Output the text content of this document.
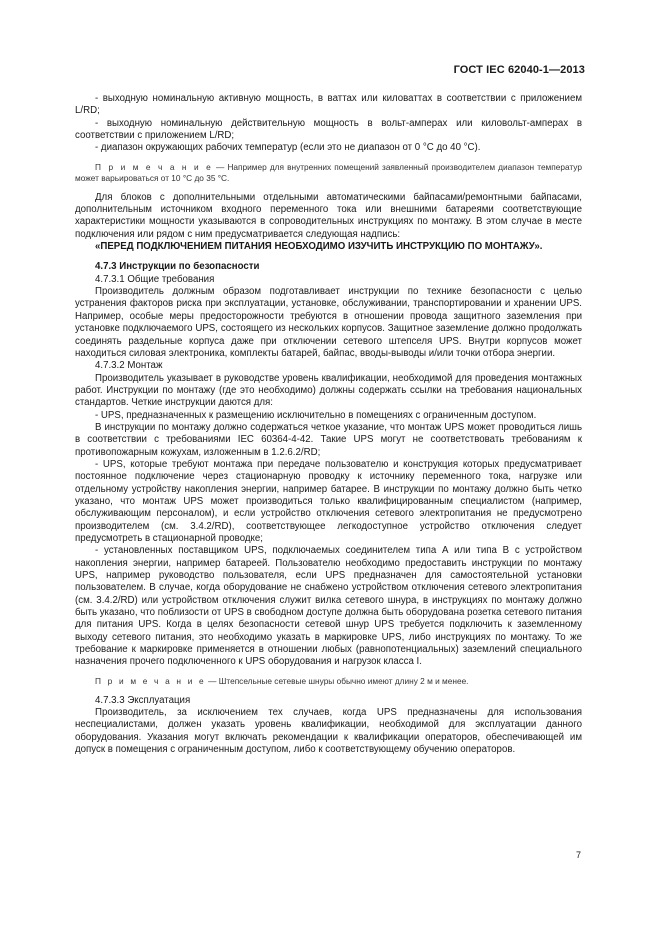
ГОСТ IEC 62040-1—2013

- выходную номинальную активную мощность, в ваттах или киловаттах в соответствии с приложением L/RD;

- выходную номинальную действительную мощность в вольт-амперах или киловольт-амперах в соответствии с приложением L/RD;

- диапазон окружающих рабочих температур (если это не диапазон от 0 °С до 40 °С).

П р и м е ч а н и е — Например для внутренних помещений заявленный производителем диапазон температур может варьироваться от 10 °С до 35 °С.

Для блоков с дополнительными отдельными автоматическими байпасами/ремонтными байпасами, дополнительным источником входного переменного тока или внешними батареями соответствующие характеристики мощности указываются в сопроводительных инструкциях по монтажу. В этом случае в месте подключения или рядом с ним предусматривается следующая надпись:

«ПЕРЕД ПОДКЛЮЧЕНИЕМ ПИТАНИЯ НЕОБХОДИМО ИЗУЧИТЬ ИНСТРУКЦИЮ ПО МОНТАЖУ».

4.7.3 Инструкции по безопасности

4.7.3.1 Общие требования

Производитель должным образом подготавливает инструкции по технике безопасности с целью устранения факторов риска при эксплуатации, установке, обслуживании, транспортировании и хранении UPS. Например, особые меры предосторожности требуются в отношении провода защитного заземления при установке подключаемого UPS, состоящего из нескольких корпусов. Защитное заземление должно продолжать соединять раздельные корпуса даже при отключении сетевого штепселя UPS. Внутри корпусов может находиться силовая электроника, комплекты батарей, байпас, вводы-выводы и/или точки отбора энергии.

4.7.3.2 Монтаж

Производитель указывает в руководстве уровень квалификации, необходимой для проведения монтажных работ. Инструкции по монтажу (где это необходимо) должны содержать ссылки на требования национальных стандартов. Четкие инструкции даются для:

- UPS, предназначенных к размещению исключительно в помещениях с ограниченным доступом.

В инструкции по монтажу должно содержаться четкое указание, что монтаж UPS может проводиться лишь в соответствии с требованиями IEC 60364-4-42. Такие UPS могут не соответствовать требованиям к противопожарным кожухам, изложенным в 1.2.6.2/RD;

- UPS, которые требуют монтажа при передаче пользователю и конструкция которых предусматривает постоянное подключение через стационарную проводку к источнику переменного тока, нагрузке или отдельному устройству накопления энергии, например батарее. В инструкции по монтажу должно быть четко указано, что монтаж UPS может производиться только квалифицированным специалистом (например, обслуживающим персоналом), и если устройство отключения сетевого электропитания не предусмотрено производителем (см. 3.4.2/RD), соответствующее легкодоступное устройство отключения следует предусмотреть в стационарной проводке;

- установленных поставщиком UPS, подключаемых соединителем типа А или типа В с устройством накопления энергии, например батареей. Пользователю необходимо предоставить инструкции по монтажу UPS, например руководство пользователя, если UPS предназначен для самостоятельной установки пользователем. В случае, когда оборудование не снабжено устройством отключения сетевого электропитания (см. 3.4.2/RD) или устройством отключения служит вилка сетевого шнура, в инструкциях по монтажу должно быть указано, что поблизости от UPS в свободном доступе должна быть оборудована розетка сетевого питания для питания UPS. Когда в целях безопасности сетевой шнур UPS требуется подключить к заземленному выходу сетевого питания, это необходимо указать в маркировке UPS, либо инструкциях по монтажу. То же требование к маркировке применяется в отношении любых (равнопотенциальных) заземлений специального назначения прочего подключенного к UPS оборудования и нагрузок класса I.

П р и м е ч а н и е — Штепсельные сетевые шнуры обычно имеют длину 2 м и менее.

4.7.3.3 Эксплуатация

Производитель, за исключением тех случаев, когда UPS предназначены для использования неспециалистами, должен указать уровень квалификации, необходимой для эксплуатации данного оборудования. Указания могут включать рекомендации к квалификации операторов, обеспечивающей им допуск в помещения с ограниченным доступом, либо к соответствующему обучению операторов.

7
